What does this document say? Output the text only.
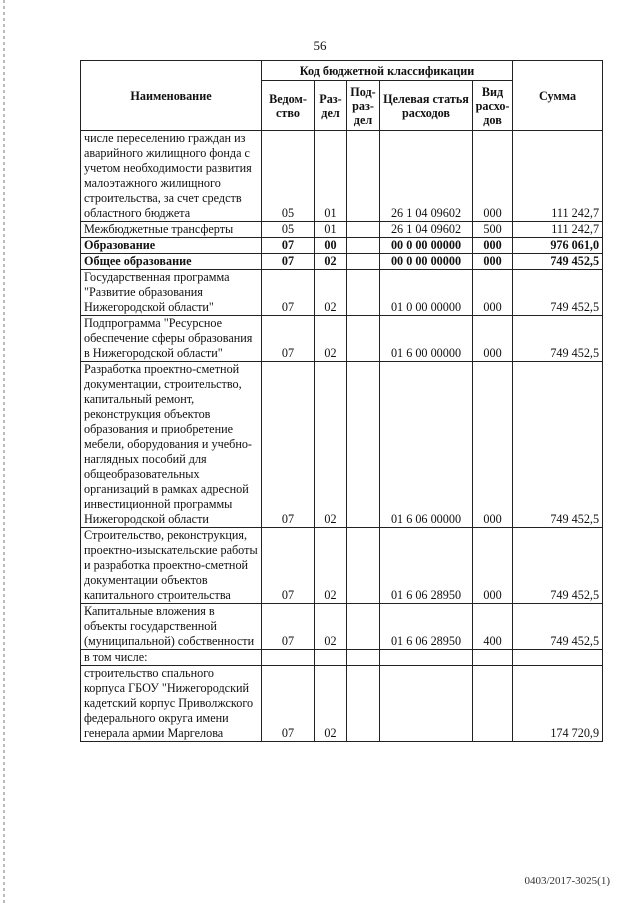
56
Наименование	Код бюджетной классификации					Сумма
	Ведом-ство	Раз-дел	Под-раз-дел	Целевая статья расходов	Вид расхо-дов	
числе переселению граждан из аварийного жилищного фонда с учетом необходимости развития малоэтажного жилищного строительства, за счет средств областного бюджета	05	01		26 1 04 09602	000	111 242,7
Межбюджетные трансферты	05	01		26 1 04 09602	500	111 242,7
Образование	07	00		00 0 00 00000	000	976 061,0
Общее образование	07	02		00 0 00 00000	000	749 452,5
Государственная программа "Развитие образования Нижегородской области"	07	02		01 0 00 00000	000	749 452,5
Подпрограмма "Ресурсное обеспечение сферы образования в Нижегородской области"	07	02		01 6 00 00000	000	749 452,5
Разработка проектно-сметной документации, строительство, капитальный ремонт, реконструкция объектов образования и приобретение мебели, оборудования и учебно-наглядных пособий для общеобразовательных организаций в рамках адресной инвестиционной программы Нижегородской области	07	02		01 6 06 00000	000	749 452,5
Строительство, реконструкция, проектно-изыскательские работы и разработка проектно-сметной документации объектов капитального строительства	07	02		01 6 06 28950	000	749 452,5
Капитальные вложения в объекты государственной (муниципальной) собственности	07	02		01 6 06 28950	400	749 452,5
в том числе:						
строительство спального корпуса ГБОУ "Нижегородский кадетский корпус Приволжского федерального округа имени генерала армии Маргелова	07	02				174 720,9
0403/2017-3025(1)
